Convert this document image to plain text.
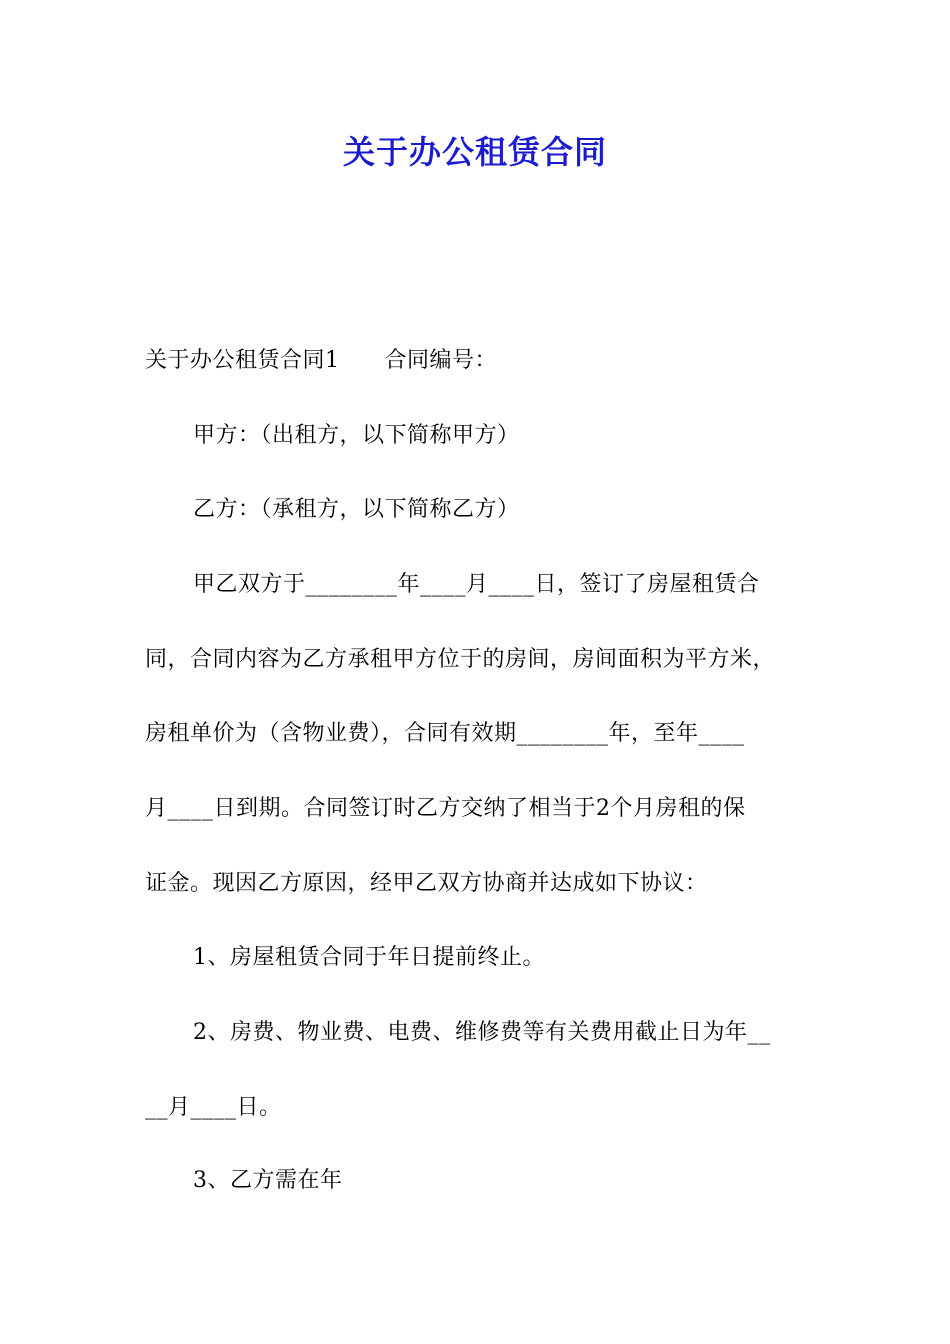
关于办公租赁合同
关于办公租赁合同1　　合同编号：
甲方：（出租方，以下简称甲方）
乙方：（承租方，以下简称乙方）
甲乙双方于________年____月____日，签订了房屋租赁合
同，合同内容为乙方承租甲方位于的房间，房间面积为平方米，
房租单价为（含物业费），合同有效期________年，至年____
月____日到期。合同签订时乙方交纳了相当于2个月房租的保
证金。现因乙方原因，经甲乙双方协商并达成如下协议：
1、房屋租赁合同于年日提前终止。
2、房费、物业费、电费、维修费等有关费用截止日为年__
__月____日。
3、乙方需在年
